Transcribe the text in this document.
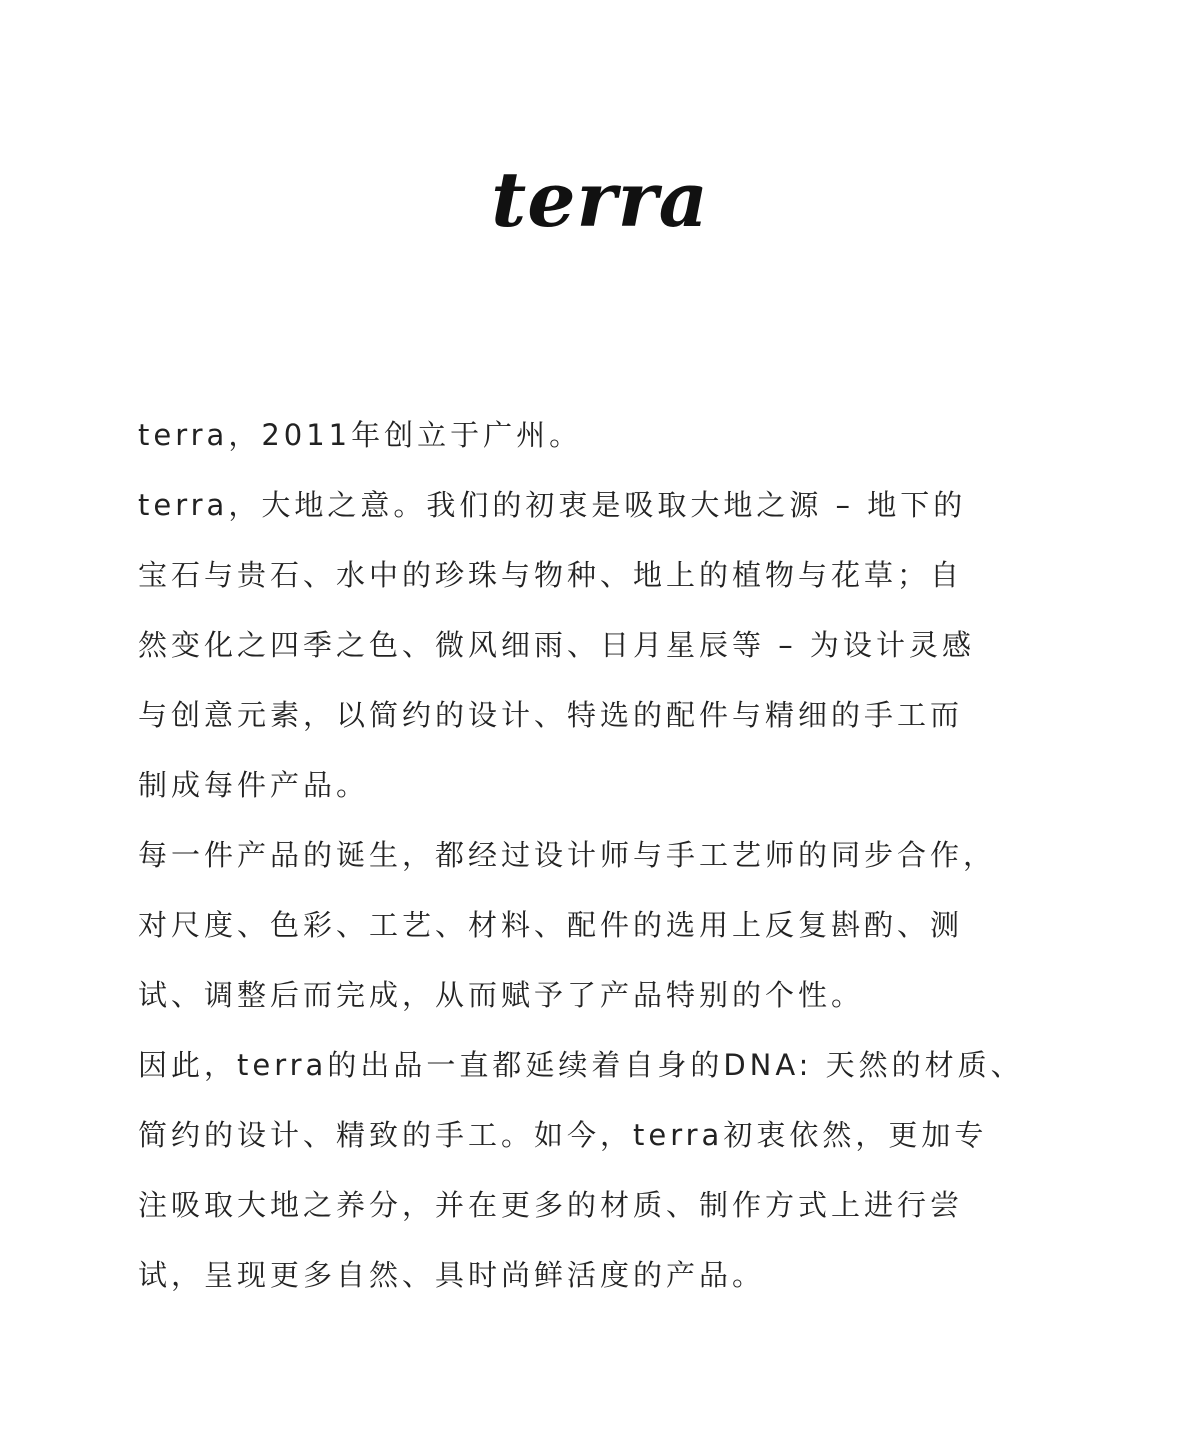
terra

terra，2011年创立于广州。

terra，大地之意。我们的初衷是吸取大地之源 – 地下的

宝石与贵石、水中的珍珠与物种、地上的植物与花草；自

然变化之四季之色、微风细雨、日月星辰等 – 为设计灵感

与创意元素，以简约的设计、特选的配件与精细的手工而

制成每件产品。

每一件产品的诞生，都经过设计师与手工艺师的同步合作，

对尺度、色彩、工艺、材料、配件的选用上反复斟酌、测

试、调整后而完成，从而赋予了产品特别的个性。

因此，terra的出品一直都延续着自身的DNA: 天然的材质、

简约的设计、精致的手工。如今，terra初衷依然，更加专

注吸取大地之养分，并在更多的材质、制作方式上进行尝

试，呈现更多自然、具时尚鲜活度的产品。
